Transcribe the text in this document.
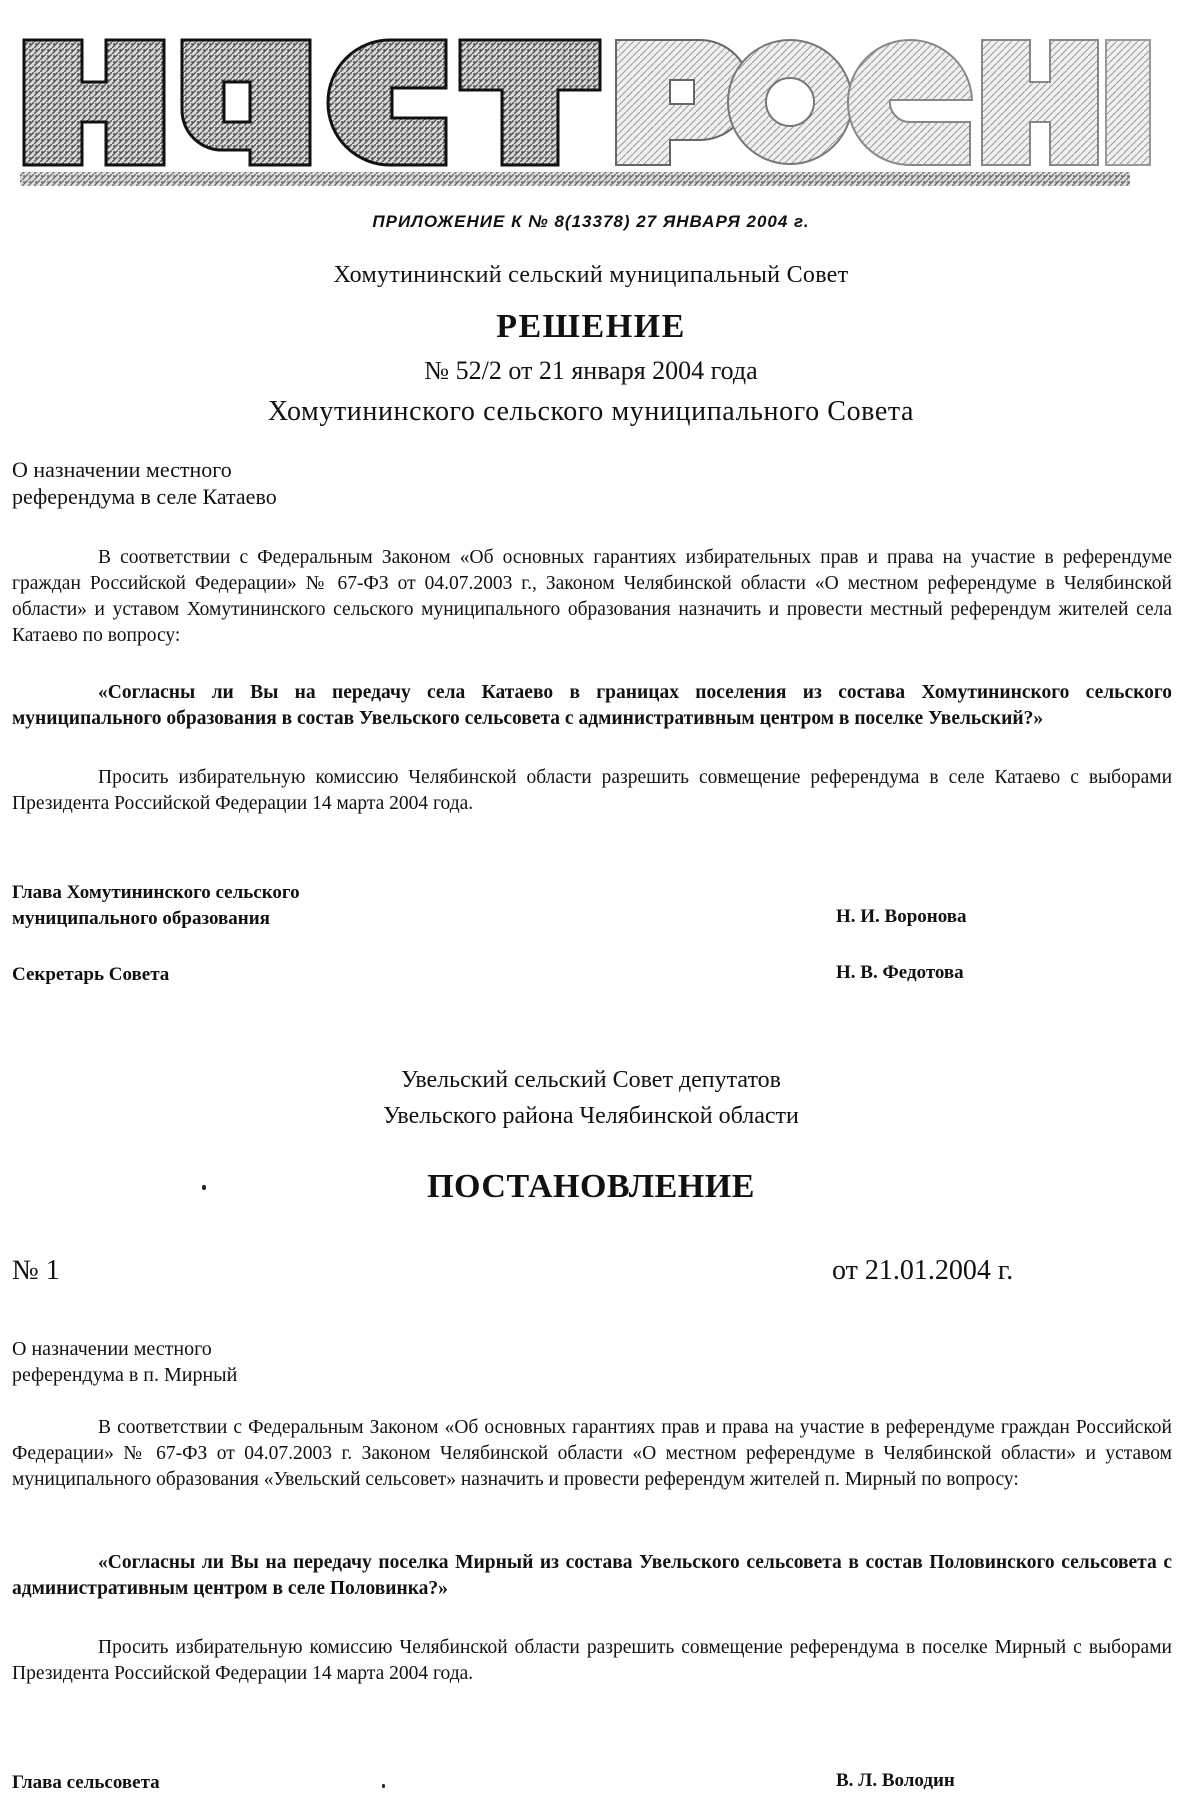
ПРИЛОЖЕНИЕ К № 8(13378) 27 ЯНВАРЯ 2004 г.
Хомутининский сельский муниципальный Совет
РЕШЕНИЕ
№ 52/2 от 21 января 2004 года
Хомутининского сельского муниципального Совета
О назначении местного
референдума в селе Катаево
В соответствии с Федеральным Законом «Об основных гарантиях избирательных прав и права на участие в референдуме граждан Российской Федерации» № 67-ФЗ от 04.07.2003 г., Законом Челябинской области «О местном референдуме в Челябинской области» и уставом Хомутининского сельского муниципального образования назначить и провести местный референдум жителей села Катаево по вопросу:
«Согласны ли Вы на передачу села Катаево в границах поселения из состава Хомутининского сельского муниципального образования в состав Увельского сельсовета с административным центром в поселке Увельский?»
Просить избирательную комиссию Челябинской области разрешить совмещение референдума в селе Катаево с выборами Президента Российской Федерации 14 марта 2004 года.
Глава Хомутининского сельского
муниципального образования	Н. И. Воронова
Секретарь Совета	Н. В. Федотова
Увельский сельский Совет депутатов
Увельского района Челябинской области
ПОСТАНОВЛЕНИЕ
№ 1	от 21.01.2004 г.
О назначении местного
референдума в п. Мирный
В соответствии с Федеральным Законом «Об основных гарантиях прав и права на участие в референдуме граждан Российской Федерации» № 67-ФЗ от 04.07.2003 г. Законом Челябинской области «О местном референдуме в Челябинской области» и уставом муниципального образования «Увельский сельсовет» назначить и провести референдум жителей п. Мирный по вопросу:
«Согласны ли Вы на передачу поселка Мирный из состава Увельского сельсовета в состав Половинского сельсовета с административным центром в селе Половинка?»
Просить избирательную комиссию Челябинской области разрешить совмещение референдума в поселке Мирный с выборами Президента Российской Федерации 14 марта 2004 года.
Глава сельсовета	В. Л. Володин
